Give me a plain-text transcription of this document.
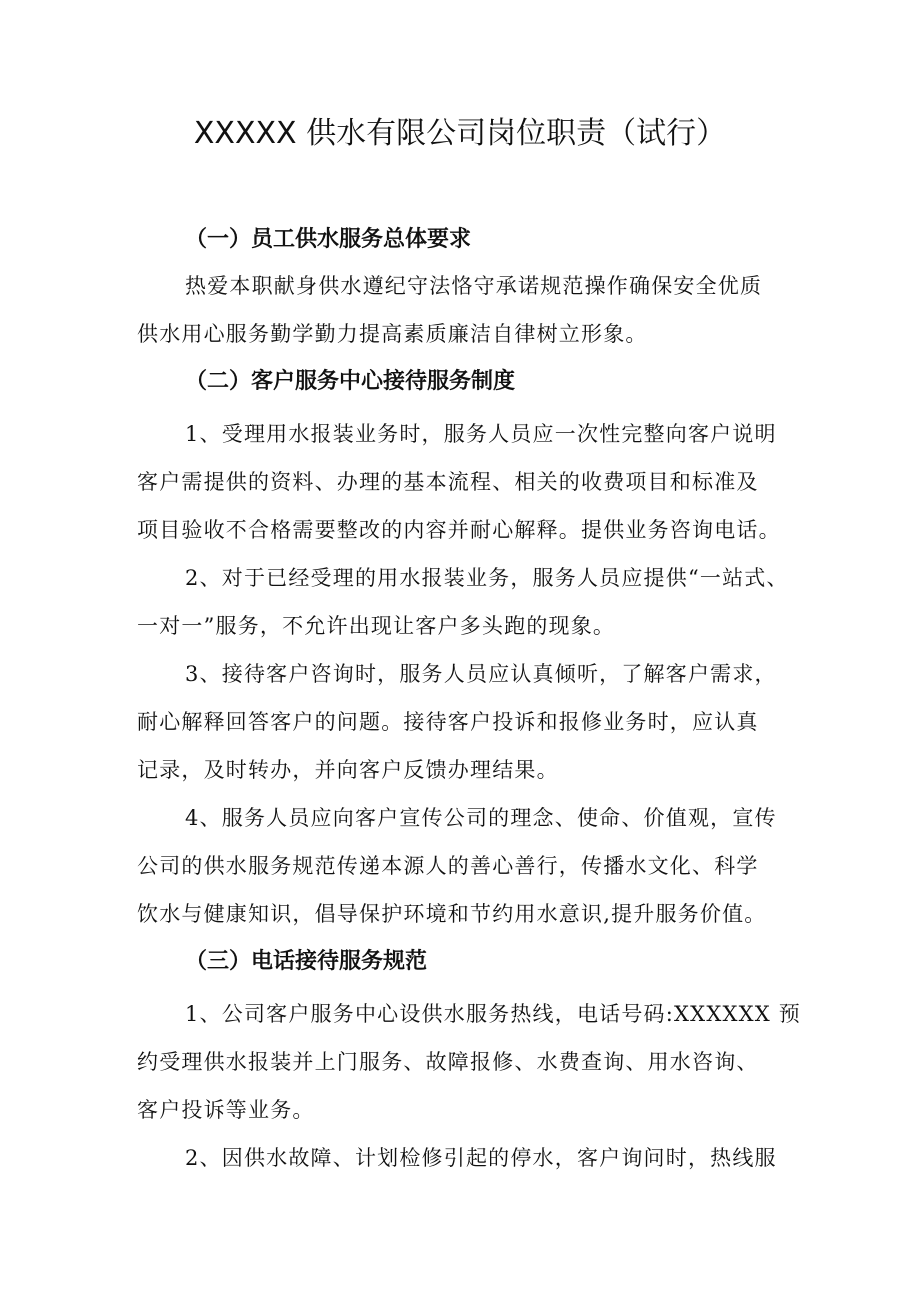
XXXXX 供水有限公司岗位职责（试行）
（一）员工供水服务总体要求
热爱本职献身供水遵纪守法恪守承诺规范操作确保安全优质
供水用心服务勤学勤力提高素质廉洁自律树立形象。
（二）客户服务中心接待服务制度
1、受理用水报装业务时，服务人员应一次性完整向客户说明
客户需提供的资料、办理的基本流程、相关的收费项目和标准及
项目验收不合格需要整改的内容并耐心解释。提供业务咨询电话。
2、对于已经受理的用水报装业务，服务人员应提供“一站式、
一对一”服务，不允许出现让客户多头跑的现象。
3、接待客户咨询时，服务人员应认真倾听，了解客户需求，
耐心解释回答客户的问题。接待客户投诉和报修业务时，应认真
记录，及时转办，并向客户反馈办理结果。
4、服务人员应向客户宣传公司的理念、使命、价值观，宣传
公司的供水服务规范传递本源人的善心善行，传播水文化、科学
饮水与健康知识，倡导保护环境和节约用水意识,提升服务价值。
（三）电话接待服务规范
1、公司客户服务中心设供水服务热线，电话号码:XXXXXX 预
约受理供水报装并上门服务、故障报修、水费查询、用水咨询、
客户投诉等业务。
2、因供水故障、计划检修引起的停水，客户询问时，热线服
